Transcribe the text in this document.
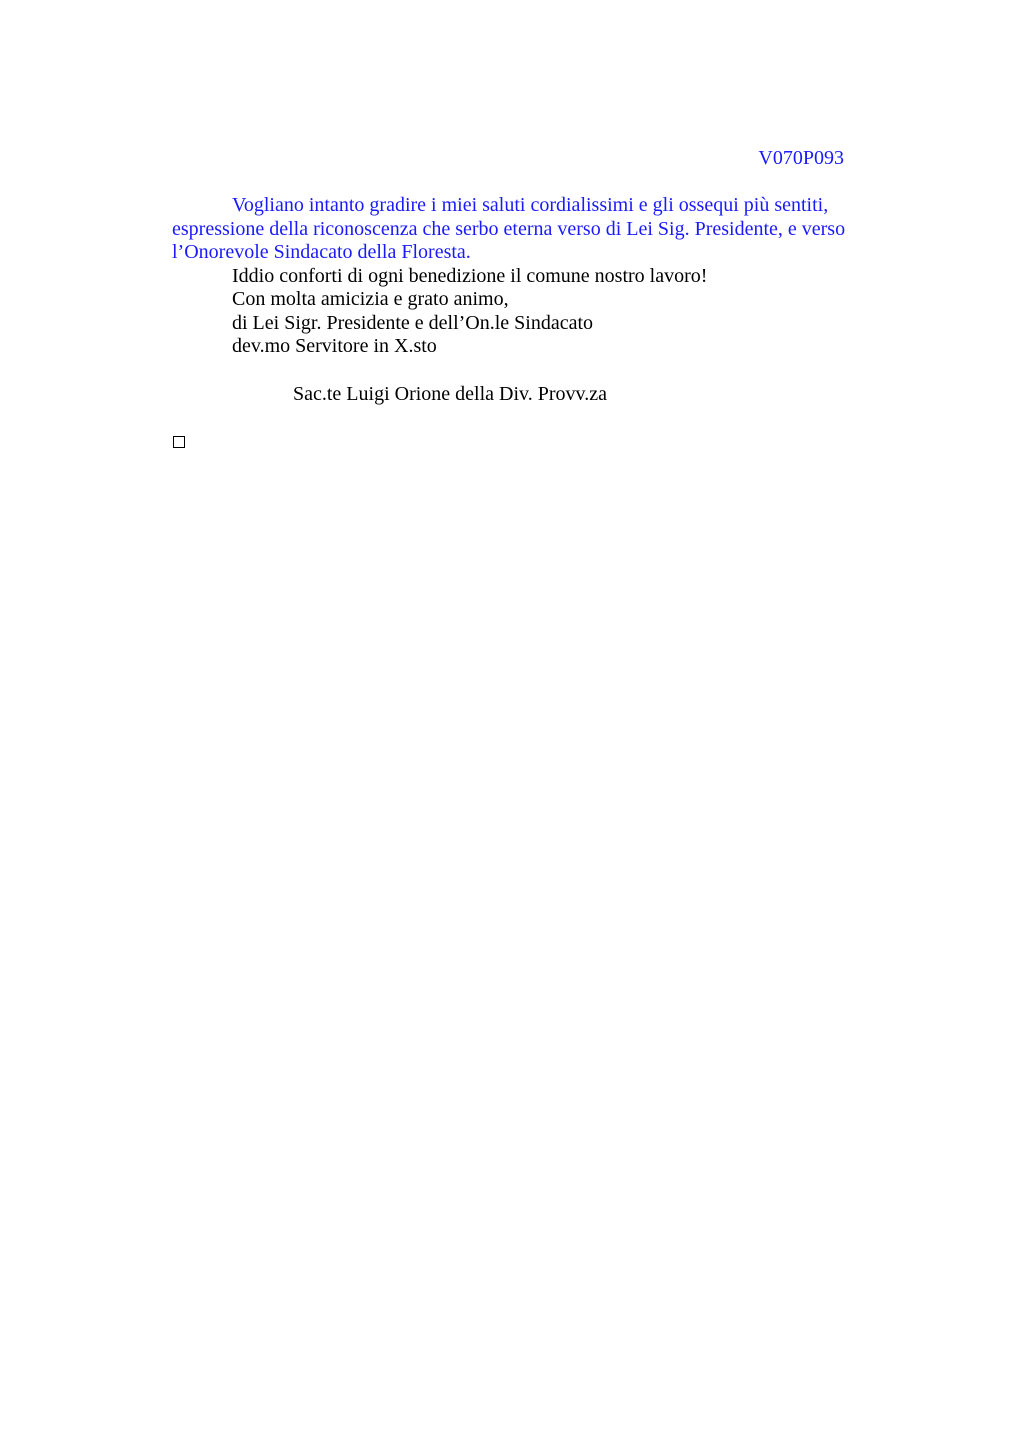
V070P093

Vogliano intanto gradire i miei saluti cordialissimi e gli ossequi più sentiti, espressione della riconoscenza che serbo eterna verso di Lei Sig. Presidente, e verso l’Onorevole Sindacato della Floresta.

Iddio conforti di ogni benedizione il comune nostro lavoro!

Con molta amicizia e grato animo,

di Lei Sigr. Presidente e dell’On.le Sindacato

dev.mo Servitore in X.sto

Sac.te Luigi Orione della Div. Provv.za
